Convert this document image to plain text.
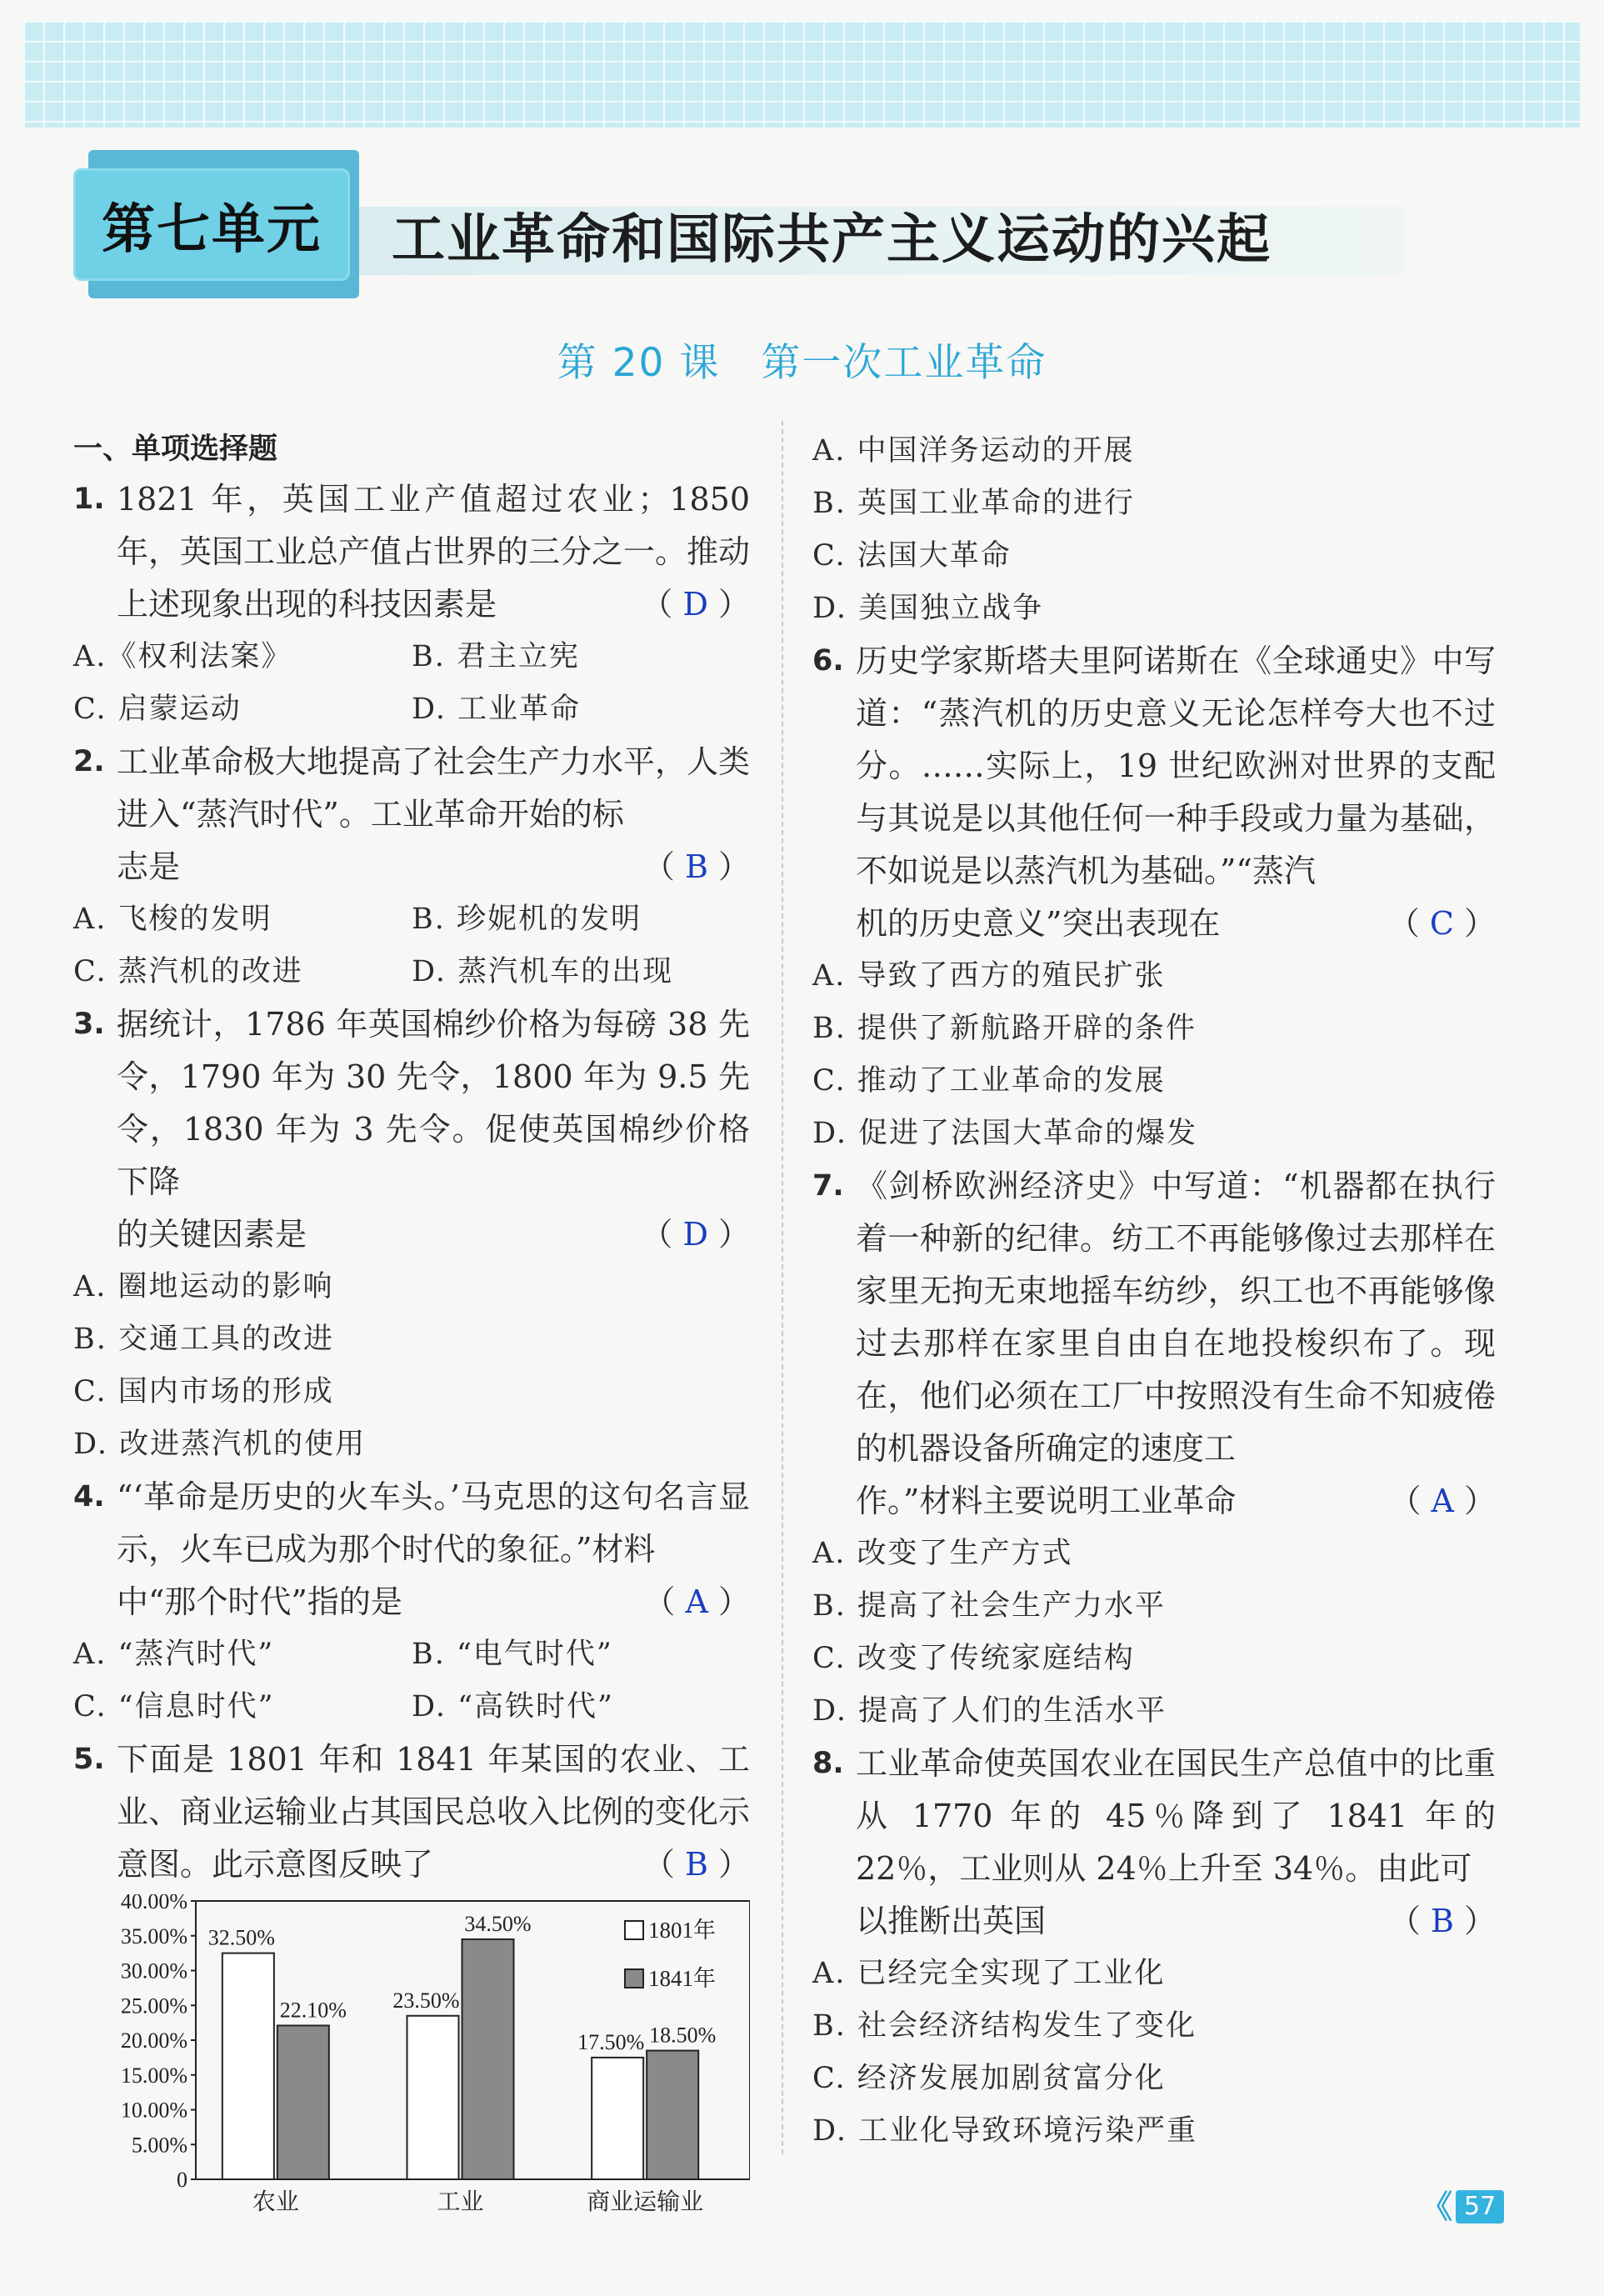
第七单元 工业革命和国际共产主义运动的兴起
第 20 课　第一次工业革命
一、单项选择题
1. 1821 年，英国工业产值超过农业；1850 年，英国工业总产值占世界的三分之一。推动
上述现象出现的科技因素是	（ D ）
A.《权利法案》	B. 君主立宪
C. 启蒙运动	D. 工业革命
2. 工业革命极大地提高了社会生产力水平，人类进入“蒸汽时代”。工业革命开始的标
志是	（ B ）
A. 飞梭的发明	B. 珍妮机的发明
C. 蒸汽机的改进	D. 蒸汽机车的出现
3. 据统计，1786 年英国棉纱价格为每磅 38 先令，1790 年为 30 先令，1800 年为 9.5 先令，1830 年为 3 先令。促使英国棉纱价格下降
的关键因素是	（ D ）
A. 圈地运动的影响
B. 交通工具的改进
C. 国内市场的形成
D. 改进蒸汽机的使用
4. “‘革命是历史的火车头。’马克思的这句名言显示，火车已成为那个时代的象征。”材料
中“那个时代”指的是	（ A ）
A. “蒸汽时代”	B. “电气时代”
C. “信息时代”	D. “高铁时代”
5. 下面是 1801 年和 1841 年某国的农业、工业、商业运输业占其国民总收入比例的变化示
意图。此示意图反映了	（ B ）
0
5.00%
10.00%
15.00%
20.00%
25.00%
30.00%
35.00%
40.00%
32.50%
22.10%
农业
23.50%
34.50%
工业
17.50% 18.50%
商业运输业
1801年
1841年
A. 中国洋务运动的开展
B. 英国工业革命的进行
C. 法国大革命
D. 美国独立战争
6. 历史学家斯塔夫里阿诺斯在《全球通史》中写道：“蒸汽机的历史意义无论怎样夸大也不过分。……实际上，19 世纪欧洲对世界的支配与其说是以其他任何一种手段或力量为基础，不如说是以蒸汽机为基础。”“蒸汽
机的历史意义”突出表现在	（ C ）
A. 导致了西方的殖民扩张
B. 提供了新航路开辟的条件
C. 推动了工业革命的发展
D. 促进了法国大革命的爆发
7. 《剑桥欧洲经济史》中写道：“机器都在执行着一种新的纪律。纺工不再能够像过去那样在家里无拘无束地摇车纺纱，织工也不再能够像过去那样在家里自由自在地投梭织布了。现在，他们必须在工厂中按照没有生命不知疲倦的机器设备所确定的速度工
作。”材料主要说明工业革命	（ A ）
A. 改变了生产方式
B. 提高了社会生产力水平
C. 改变了传统家庭结构
D. 提高了人们的生活水平
8. 工业革命使英国农业在国民生产总值中的比重从 1770 年的 45％降到了 1841 年的 22％，工业则从 24％上升至 34％。由此可
以推断出英国	（ B ）
A. 已经完全实现了工业化
B. 社会经济结构发生了变化
C. 经济发展加剧贫富分化
D. 工业化导致环境污染严重
《 57
